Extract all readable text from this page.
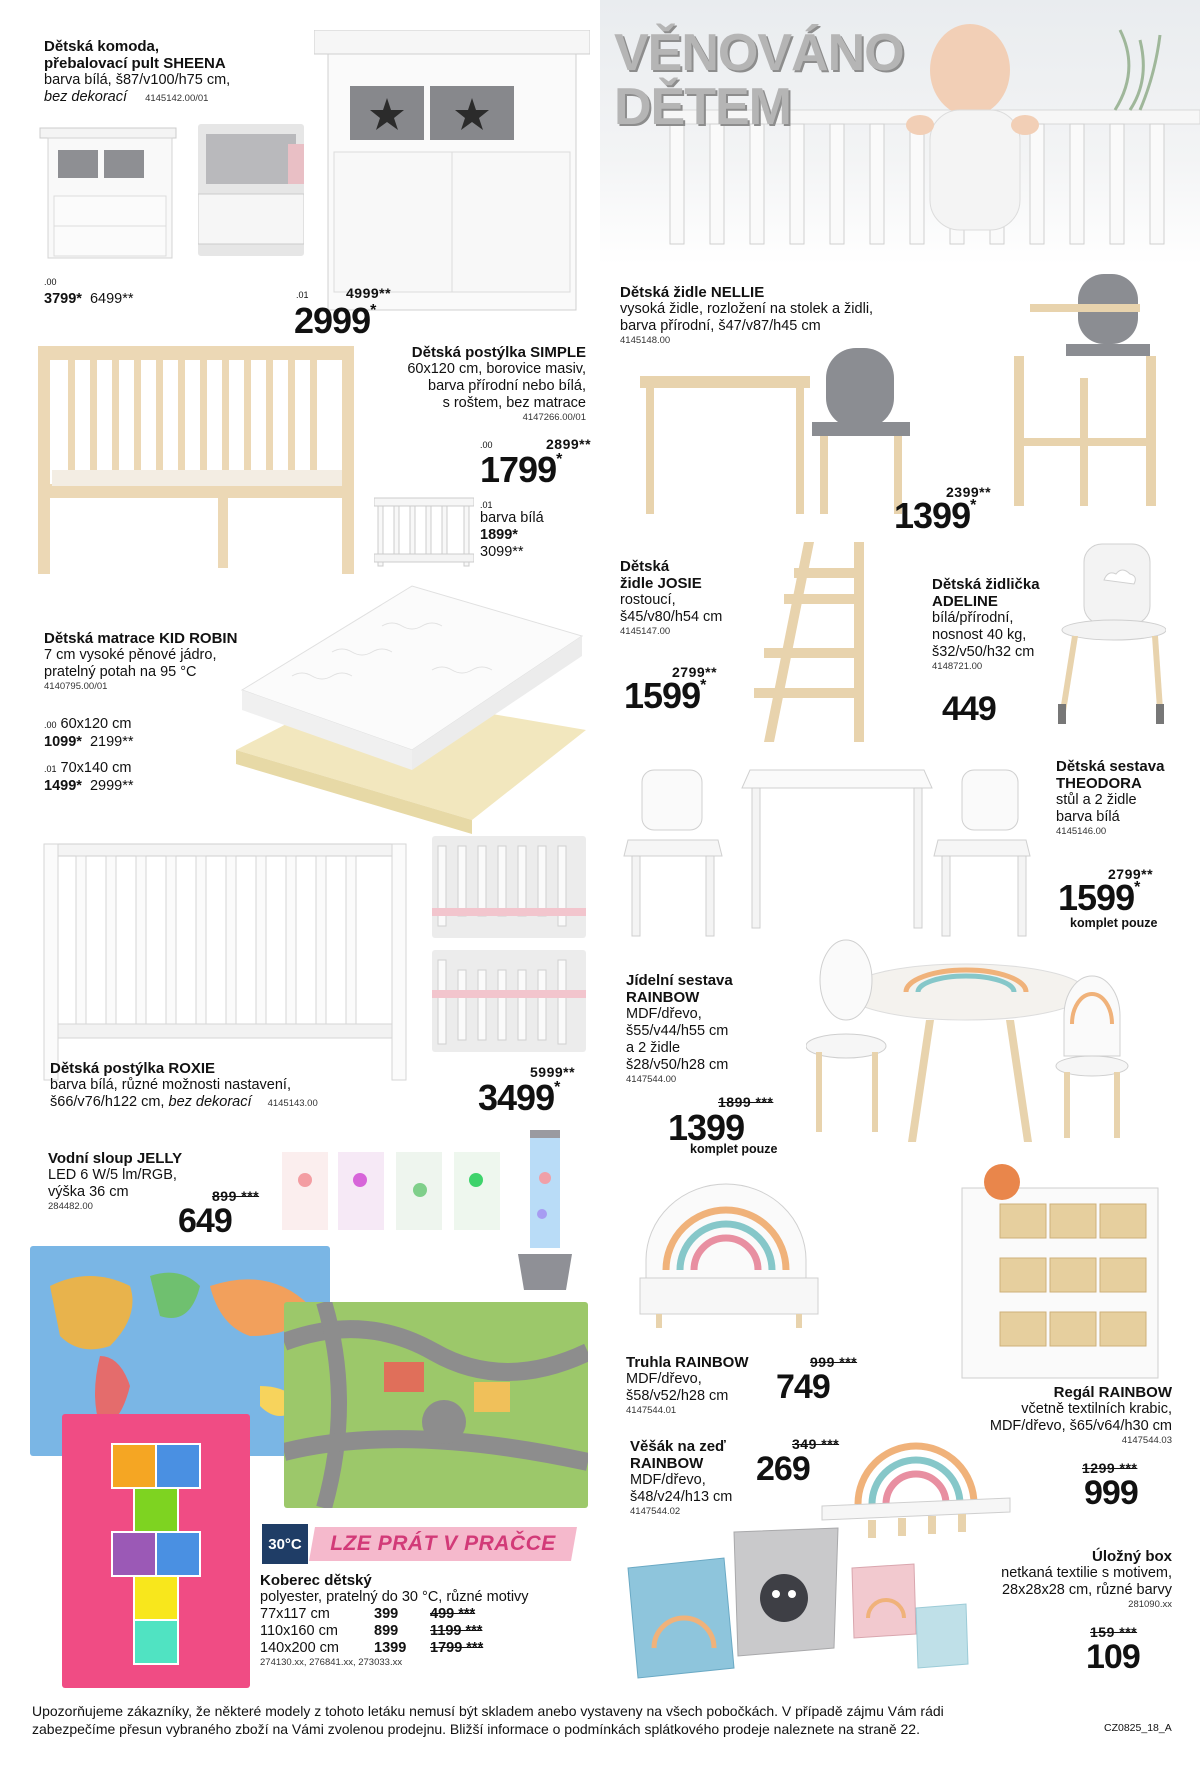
VĚNOVÁNO
DĚTEM
Dětská komoda,
přebalovací pult SHEENA
barva bílá, š87/v100/h75 cm,
bez dekorací 4145142.00/01
.00
3799* 6499**	.01	4999**
2999*
Dětská postýlka SIMPLE
60x120 cm, borovice masiv,
barva přírodní nebo bílá,
s roštem, bez matrace
4147266.00/01
.00	2899**
1799*
.01
barva bílá
1899*
3099**
Dětská matrace KID ROBIN
7 cm vysoké pěnové jádro,
pratelný potah na 95 °C
4140795.00/01
.00 60x120 cm
1099* 2199**
.01 70x140 cm
1499* 2999**
Dětská postýlka ROXIE
barva bílá, různé možnosti nastavení,
š66/v76/h122 cm, bez dekorací 4145143.00
5999**
3499*
Vodní sloup JELLY
LED 6 W/5 lm/RGB,
výška 36 cm
284482.00
899 ***
649
30°C	LZE PRÁT V PRAČCE
Koberec dětský
polyester, pratelný do 30 °C, různé motivy
77x117 cm	399	499 ***
110x160 cm	899	1199 ***
140x200 cm	1399	1799 ***
274130.xx, 276841.xx, 273033.xx
Dětská židle NELLIE
vysoká židle, rozložení na stolek a židli,
barva přírodní, š47/v87/h45 cm
4145148.00
2399**
1399*
Dětská
židle JOSIE
rostoucí,
š45/v80/h54 cm
4145147.00
2799**
1599*
Dětská židlička
ADELINE
bílá/přírodní,
nosnost 40 kg,
š32/v50/h32 cm
4148721.00
449
Dětská sestava
THEODORA
stůl a 2 židle
barva bílá
4145146.00
2799**
1599*
komplet pouze
Jídelní sestava
RAINBOW
MDF/dřevo,
š55/v44/h55 cm
a 2 židle
š28/v50/h28 cm
4147544.00
1899 ***
1399
komplet pouze
Truhla RAINBOW
MDF/dřevo,
š58/v52/h28 cm
4147544.01
999 ***
749	Regál RAINBOW
včetně textilních krabic,
MDF/dřevo, š65/v64/h30 cm
4147544.03
1299 ***
999
Věšák na zeď
RAINBOW
MDF/dřevo,
š48/v24/h13 cm
4147544.02
349 ***
269
Úložný box
netkaná textilie s motivem,
28x28x28 cm, různé barvy
281090.xx
159 ***
109
Upozorňujeme zákazníky, že některé modely z tohoto letáku nemusí být skladem anebo vystaveny na všech pobočkách. V případě zájmu Vám rádi
zabezpečíme přesun vybraného zboží na Vámi zvolenou prodejnu. Bližší informace o podmínkách splátkového prodeje naleznete na straně 22.	CZ0825_18_A
